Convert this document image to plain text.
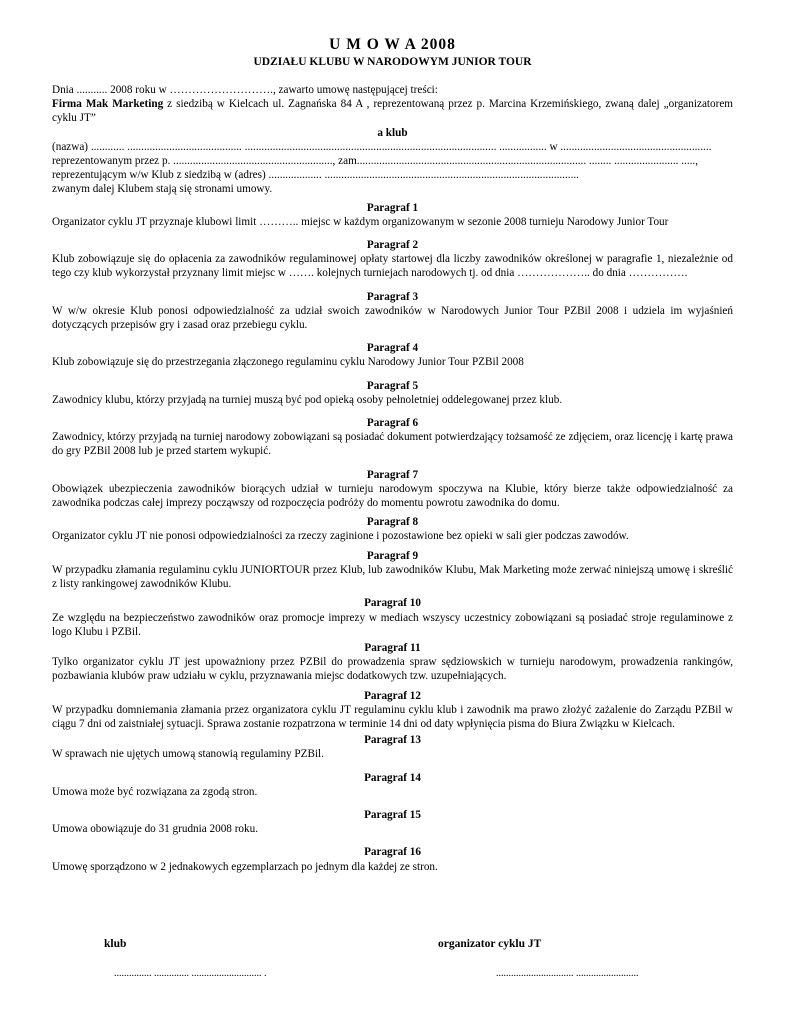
U M O W A 2008
UDZIAŁU KLUBU W NARODOWYM JUNIOR TOUR

Dnia ........... 2008 roku w ………………………., zawarto umowę następującej treści:

Firma Mak Marketing z siedzibą w Kielcach ul. Zagnańska 84 A , reprezentowaną przez p. Marcina Krzemińskiego, zwaną dalej „organizatorem cyklu JT”

a klub

(nazwa) ............ ......................................... .......................................................................................... ................. w ......................................................

reprezentowanym przez p. ........................................................., zam.................................................................................. ........ ....................... .....,

reprezentującym w/w Klub z siedzibą w (adres) ................... ...........................................................................................

zwanym dalej Klubem stają się stronami umowy.

Paragraf 1

Organizator cyklu JT przyznaje klubowi limit ……….. miejsc w każdym organizowanym w sezonie 2008 turnieju Narodowy Junior Tour

Paragraf 2

Klub zobowiązuje się do opłacenia za zawodników regulaminowej opłaty startowej dla liczby zawodników określonej w paragrafie 1, niezależnie od tego czy klub wykorzystał przyznany limit miejsc w ……. kolejnych turniejach narodowych tj. od dnia ……………….. do dnia …………….

Paragraf 3

W w/w okresie Klub ponosi odpowiedzialność za udział swoich zawodników w Narodowych Junior Tour PZBil 2008 i udziela im wyjaśnień dotyczących przepisów gry i zasad oraz przebiegu cyklu.

Paragraf 4

Klub zobowiązuje się do przestrzegania złączonego regulaminu cyklu Narodowy Junior Tour PZBil 2008

Paragraf 5

Zawodnicy klubu, którzy przyjadą na turniej muszą być pod opieką osoby pełnoletniej oddelegowanej przez klub.

Paragraf 6

Zawodnicy, którzy przyjadą na turniej narodowy zobowiązani są posiadać dokument potwierdzający tożsamość ze zdjęciem, oraz licencję i kartę prawa do gry PZBil 2008 lub je przed startem wykupić.

Paragraf 7

Obowiązek ubezpieczenia zawodników biorących udział w turnieju narodowym spoczywa na Klubie, który bierze także odpowiedzialność za zawodnika podczas całej imprezy począwszy od rozpoczęcia podróży do momentu powrotu zawodnika do domu.

Paragraf 8

Organizator cyklu JT nie ponosi odpowiedzialności za rzeczy zaginione i pozostawione bez opieki w sali gier podczas zawodów.

Paragraf 9

W przypadku złamania regulaminu cyklu JUNIORTOUR przez Klub, lub zawodników Klubu, Mak Marketing może zerwać niniejszą umowę i skreślić z listy rankingowej zawodników Klubu.

Paragraf 10

Ze względu na bezpieczeństwo zawodników oraz promocje imprezy w mediach wszyscy uczestnicy zobowiązani są posiadać stroje regulaminowe z logo Klubu i PZBil.

Paragraf 11

Tylko organizator cyklu JT jest upoważniony przez PZBil do prowadzenia spraw sędziowskich w turnieju narodowym, prowadzenia rankingów, pozbawiania klubów praw udziału w cyklu, przyznawania miejsc dodatkowych tzw. uzupełniających.

Paragraf 12

W przypadku domniemania złamania przez organizatora cyklu JT regulaminu cyklu klub i zawodnik ma prawo złożyć zażalenie do Zarządu PZBil w ciągu 7 dni od zaistniałej sytuacji. Sprawa zostanie rozpatrzona w terminie 14 dni od daty wpłynięcia pisma do Biura Związku w Kielcach.

Paragraf 13

W sprawach nie ujętych umową stanowią regulaminy PZBil.

Paragraf 14

Umowa może być rozwiązana za zgodą stron.

Paragraf 15

Umowa obowiązuje do 31 grudnia 2008 roku.

Paragraf 16

Umowę sporządzono w 2 jednakowych egzemplarzach po jednym dla każdej ze stron.

klub	organizator cyklu JT
............... .............. ............................ .	............................... .........................
